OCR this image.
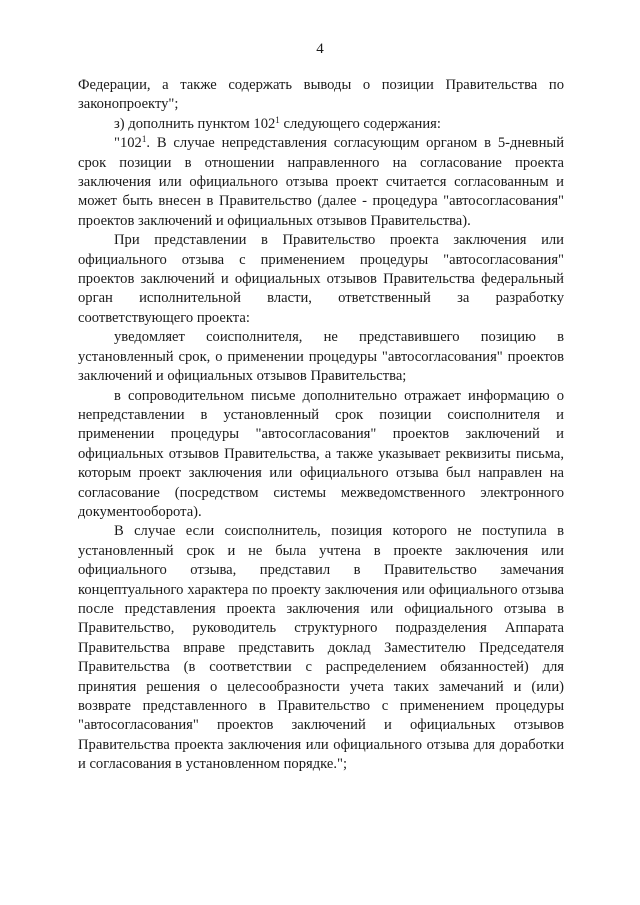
4

Федерации, а также содержать выводы о позиции Правительства по законопроекту";

з) дополнить пунктом $102^1$ следующего содержания:

"$102^1$. В случае непредставления согласующим органом в 5-дневный срок позиции в отношении направленного на согласование проекта заключения или официального отзыва проект считается согласованным и может быть внесен в Правительство (далее - процедура "автосогласования" проектов заключений и официальных отзывов Правительства).

При представлении в Правительство проекта заключения или официального отзыва с применением процедуры "автосогласования" проектов заключений и официальных отзывов Правительства федеральный орган исполнительной власти, ответственный за разработку соответствующего проекта:

уведомляет соисполнителя, не представившего позицию в установленный срок, о применении процедуры "автосогласования" проектов заключений и официальных отзывов Правительства;

в сопроводительном письме дополнительно отражает информацию о непредставлении в установленный срок позиции соисполнителя и применении процедуры "автосогласования" проектов заключений и официальных отзывов Правительства, а также указывает реквизиты письма, которым проект заключения или официального отзыва был направлен на согласование (посредством системы межведомственного электронного документооборота).

В случае если соисполнитель, позиция которого не поступила в установленный срок и не была учтена в проекте заключения или официального отзыва, представил в Правительство замечания концептуального характера по проекту заключения или официального отзыва после представления проекта заключения или официального отзыва в Правительство, руководитель структурного подразделения Аппарата Правительства вправе представить доклад Заместителю Председателя Правительства (в соответствии с распределением обязанностей) для принятия решения о целесообразности учета таких замечаний и (или) возврате представленного в Правительство с применением процедуры "автосогласования" проектов заключений и официальных отзывов Правительства проекта заключения или официального отзыва для доработки и согласования в установленном порядке.";
